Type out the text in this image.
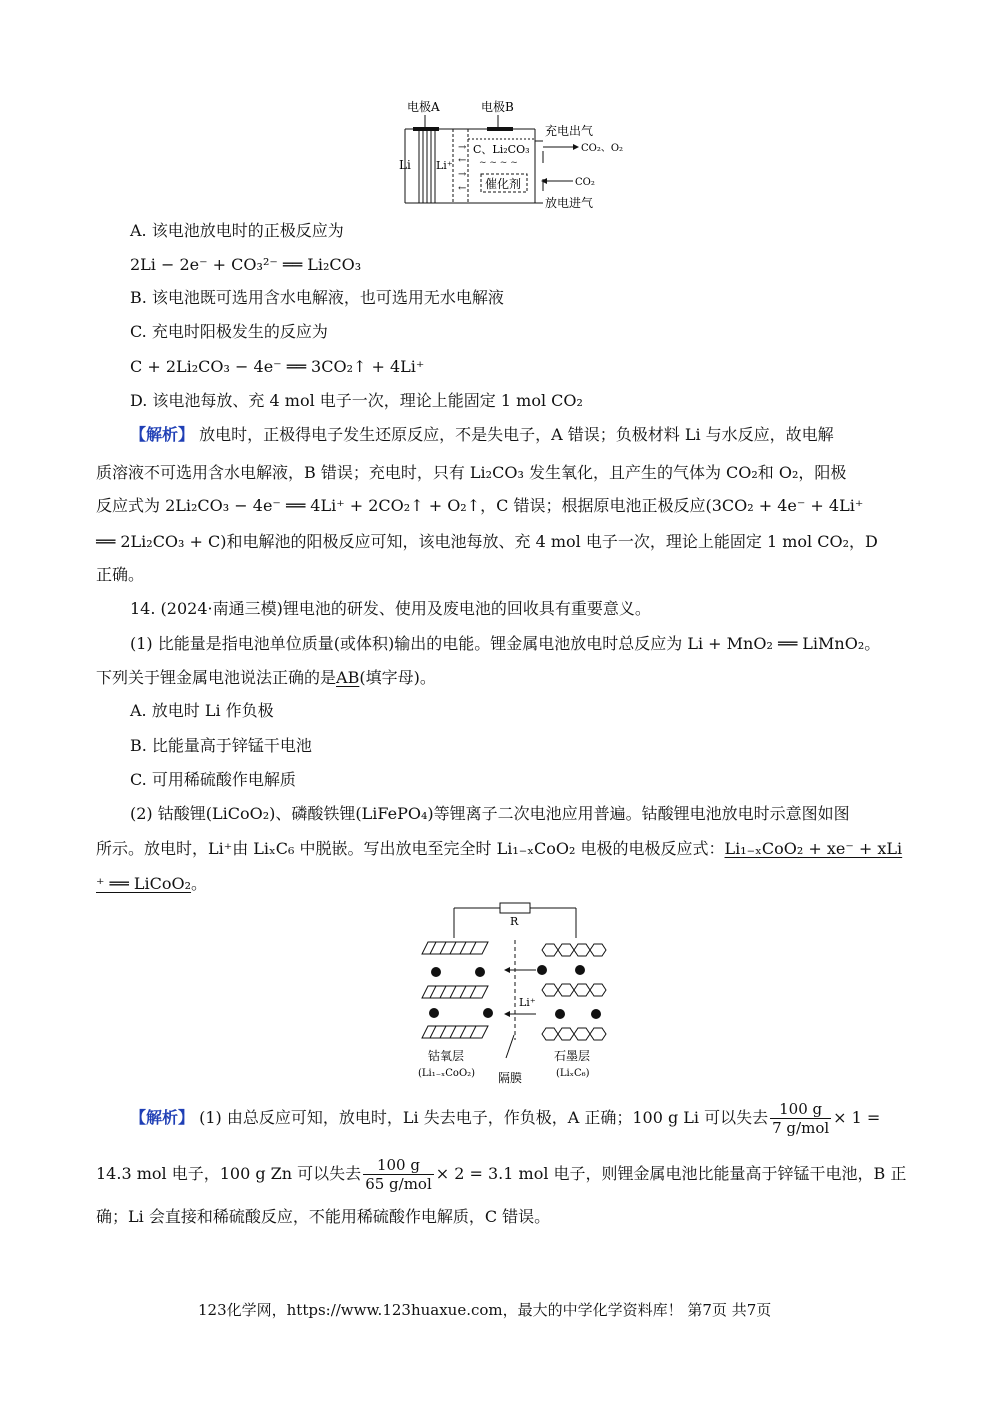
电极A	电极B
Li Li⁺
→
←
→
←
C、Li₂CO₃
~ ~ ~ ~
催化剂
充电出气
CO₂、O₂
CO₂
放电进气
A. 该电池放电时的正极反应为
2Li − 2e⁻ + CO₃²⁻ ══ Li₂CO₃
B. 该电池既可选用含水电解液，也可选用无水电解液
C. 充电时阳极发生的反应为
C + 2Li₂CO₃ − 4e⁻ ══ 3CO₂↑ + 4Li⁺
D. 该电池每放、充 4 mol 电子一次，理论上能固定 1 mol CO₂
【解析】 放电时，正极得电子发生还原反应，不是失电子，A 错误；负极材料 Li 与水反应，故电解
质溶液不可选用含水电解液，B 错误；充电时，只有 Li₂CO₃ 发生氧化，且产生的气体为 CO₂和 O₂，阳极
反应式为 2Li₂CO₃ − 4e⁻ ══ 4Li⁺ + 2CO₂↑ + O₂↑，C 错误；根据原电池正极反应(3CO₂ + 4e⁻ + 4Li⁺
══ 2Li₂CO₃ + C)和电解池的阳极反应可知，该电池每放、充 4 mol 电子一次，理论上能固定 1 mol CO₂，D
正确。
14. (2024·南通三模)锂电池的研发、使用及废电池的回收具有重要意义。
(1) 比能量是指电池单位质量(或体积)输出的电能。锂金属电池放电时总反应为 Li + MnO₂ ══ LiMnO₂。
下列关于锂金属电池说法正确的是AB(填字母)。
A. 放电时 Li 作负极
B. 比能量高于锌锰干电池
C. 可用稀硫酸作电解质
(2) 钴酸锂(LiCoO₂)、磷酸铁锂(LiFePO₄)等锂离子二次电池应用普遍。钴酸锂电池放电时示意图如图
所示。放电时，Li⁺由 LiₓC₆ 中脱嵌。写出放电至完全时 Li₁₋ₓCoO₂ 电极的电极反应式：Li₁₋ₓCoO₂ + xe⁻ + xLi
⁺ ══ LiCoO₂。
R
Li⁺
钴氧层
(Li₁₋ₓCoO₂) 隔膜
石墨层
(LiₓC₆)
【解析】 (1) 由总反应可知，放电时，Li 失去电子，作负极，A 正确；100 g Li 可以失去 $\frac{100 g}{\text{7 g/mol}} \times 1$ =
14.3 mol 电子，100 g Zn 可以失去 $\frac{100 g}{\text{65 g/mol}} \times 2 = 3.1$ mol 电子，则锂金属电池比能量高于锌锰干电池，B 正
确；Li 会直接和稀硫酸反应，不能用稀硫酸作电解质，C 错误。
123化学网，https://www.123huaxue.com，最大的中学化学资料库！ 第7页 共7页
